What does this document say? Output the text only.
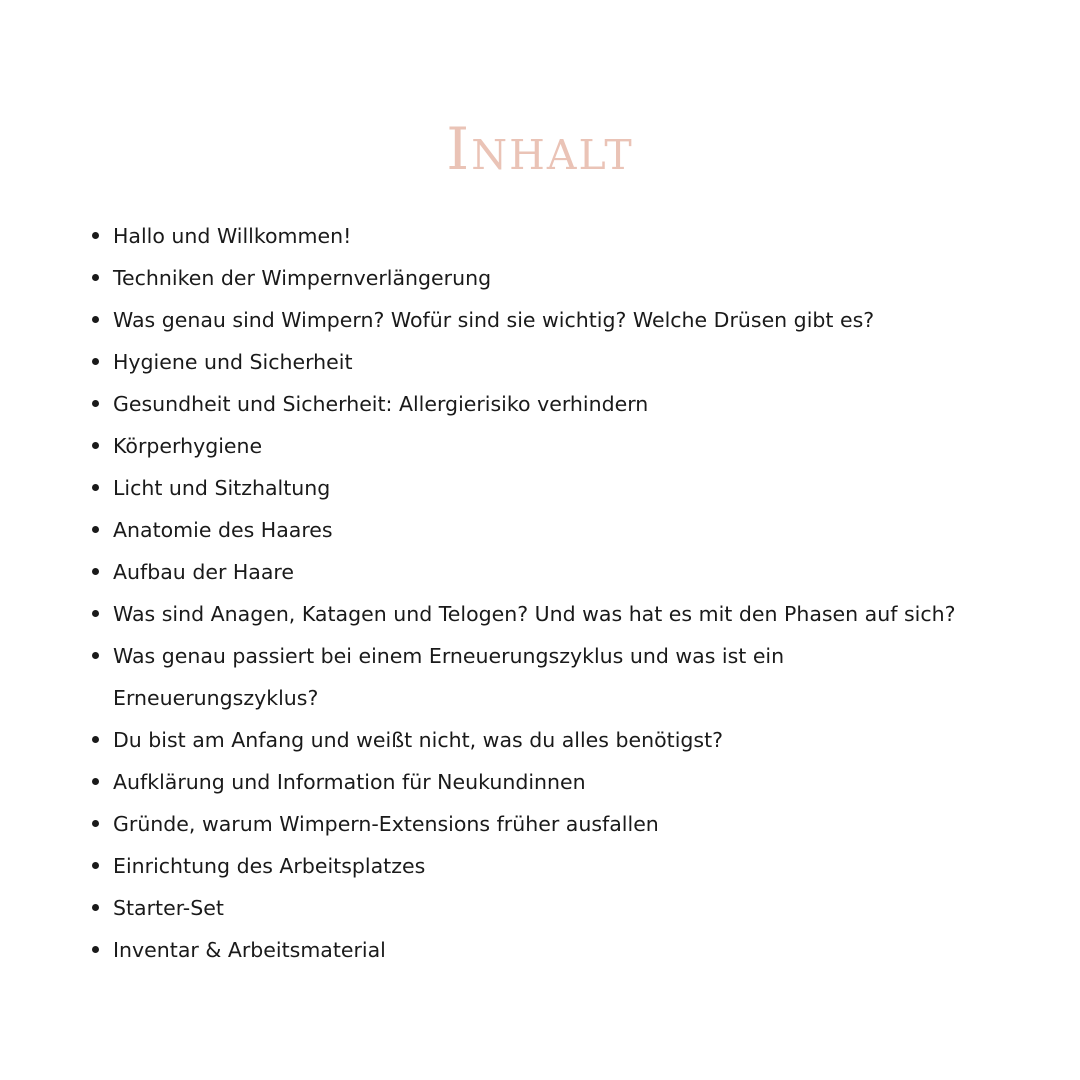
Inhalt
Hallo und Willkommen!
Techniken der Wimpernverlängerung
Was genau sind Wimpern? Wofür sind sie wichtig? Welche Drüsen gibt es?
Hygiene und Sicherheit
Gesundheit und Sicherheit: Allergierisiko verhindern
Körperhygiene
Licht und Sitzhaltung
Anatomie des Haares
Aufbau der Haare
Was sind Anagen, Katagen und Telogen? Und was hat es mit den Phasen auf sich?
Was genau passiert bei einem Erneuerungszyklus und was ist ein Erneuerungszyklus?
Du bist am Anfang und weißt nicht, was du alles benötigst?
Aufklärung und Information für Neukundinnen
Gründe, warum Wimpern-Extensions früher ausfallen
Einrichtung des Arbeitsplatzes
Starter-Set
Inventar & Arbeitsmaterial
